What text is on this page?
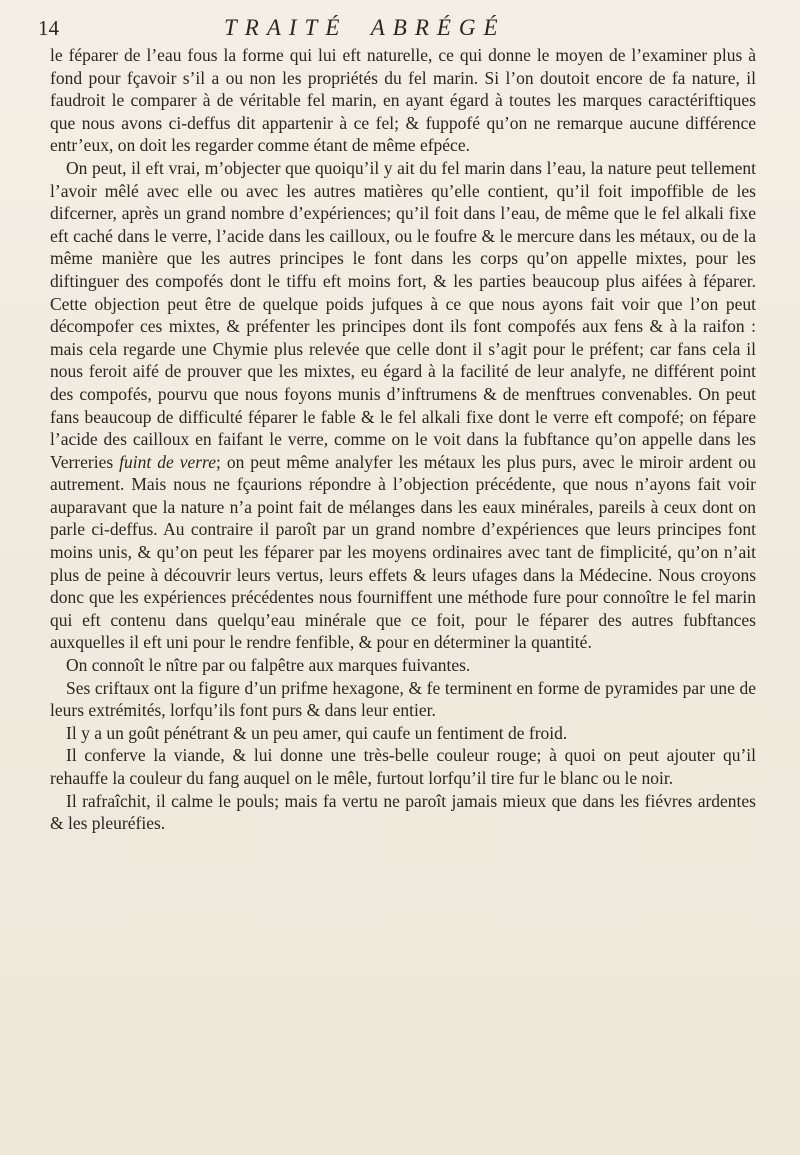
14	TRAITÉ ABRÉGÉ

le féparer de l’eau fous la forme qui lui eft naturelle, ce qui donne le moyen de l’examiner plus à fond pour fçavoir s’il a ou non les propriétés du fel marin. Si l’on doutoit encore de fa nature, il faudroit le comparer à de véritable fel marin, en ayant égard à toutes les marques caractériftiques que nous avons ci-deffus dit appartenir à ce fel; & fuppofé qu’on ne remarque aucune différence entr’eux, on doit les regarder comme étant de même efpéce.

On peut, il eft vrai, m’objecter que quoiqu’il y ait du fel marin dans l’eau, la nature peut tellement l’avoir mêlé avec elle ou avec les autres matières qu’elle contient, qu’il foit impoffible de les difcerner, après un grand nombre d’expériences; qu’il foit dans l’eau, de même que le fel alkali fixe eft caché dans le verre, l’acide dans les cailloux, ou le foufre & le mercure dans les métaux, ou de la même manière que les autres principes le font dans les corps qu’on appelle mixtes, pour les diftinguer des compofés dont le tiffu eft moins fort, & les parties beaucoup plus aifées à féparer. Cette objection peut être de quelque poids jufques à ce que nous ayons fait voir que l’on peut décompofer ces mixtes, & préfenter les principes dont ils font compofés aux fens & à la raifon : mais cela regarde une Chymie plus relevée que celle dont il s’agit pour le préfent; car fans cela il nous feroit aifé de prouver que les mixtes, eu égard à la facilité de leur analyfe, ne différent point des compofés, pourvu que nous foyons munis d’inftrumens & de menftrues convenables. On peut fans beaucoup de difficulté féparer le fable & le fel alkali fixe dont le verre eft compofé; on fépare l’acide des cailloux en faifant le verre, comme on le voit dans la fubftance qu’on appelle dans les Verreries fuint de verre; on peut même analyfer les métaux les plus purs, avec le miroir ardent ou autrement. Mais nous ne fçaurions répondre à l’objection précédente, que nous n’ayons fait voir auparavant que la nature n’a point fait de mélanges dans les eaux minérales, pareils à ceux dont on parle ci-deffus. Au contraire il paroît par un grand nombre d’expériences que leurs principes font moins unis, & qu’on peut les féparer par les moyens ordinaires avec tant de fimplicité, qu’on n’ait plus de peine à découvrir leurs vertus, leurs effets & leurs ufages dans la Médecine. Nous croyons donc que les expériences précédentes nous fourniffent une méthode fure pour connoître le fel marin qui eft contenu dans quelqu’eau minérale que ce foit, pour le féparer des autres fubftances auxquelles il eft uni pour le rendre fenfible, & pour en déterminer la quantité.

On connoît le nître par ou falpêtre aux marques fuivantes.

Ses criftaux ont la figure d’un prifme hexagone, & fe terminent en forme de pyramides par une de leurs extrémités, lorfqu’ils font purs & dans leur entier.

Il y a un goût pénétrant & un peu amer, qui caufe un fentiment de froid.

Il conferve la viande, & lui donne une très-belle couleur rouge; à quoi on peut ajouter qu’il rehauffe la couleur du fang auquel on le mêle, furtout lorfqu’il tire fur le blanc ou le noir.

Il rafraîchit, il calme le pouls; mais fa vertu ne paroît jamais mieux que dans les fiévres ardentes & les pleuréfies.
